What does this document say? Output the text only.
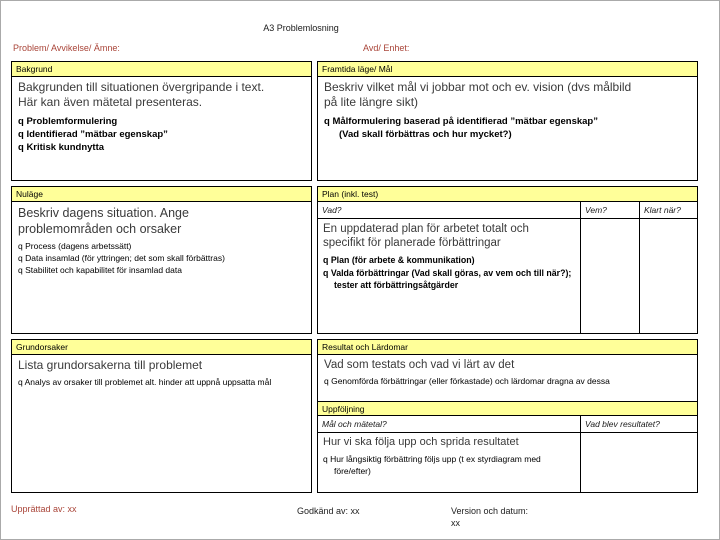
A3 Problemlosning
Problem/ Avvikelse/ Ämne:	Avd/ Enhet:
Bakgrund
Bakgrunden till situationen övergripande i text.
Här kan även mätetal presenteras.
q Problemformulering
q Identifierad ”mätbar egenskap”
q Kritisk kundnytta
Framtida läge/ Mål
Beskriv vilket mål vi jobbar mot och ev. vision (dvs målbild
på lite längre sikt)
q Målformulering baserad på identifierad ”mätbar egenskap”
(Vad skall förbättras och hur mycket?)
Nuläge
Beskriv dagens situation. Ange
problemområden och orsaker
q Process (dagens arbetssätt)
q Data insamlad (för yttringen; det som skall förbättras)
q Stabilitet och kapabilitet för insamlad data
Plan (inkl. test)
Vad?	Vem?	Klart när?
En uppdaterad plan för arbetet totalt och
specifikt för planerade förbättringar
q Plan (för arbete & kommunikation)
q Valda förbättringar (Vad skall göras, av vem och till när?); tester att förbättringsåtgärder
Grundorsaker
Lista grundorsakerna till problemet
q Analys av orsaker till problemet alt. hinder att uppnå uppsatta mål
Resultat och Lärdomar
Vad som testats och vad vi lärt av det
q Genomförda förbättringar (eller förkastade) och lärdomar dragna av dessa
Uppföljning
Mål och mätetal?	Vad blev resultatet?
Hur vi ska följa upp och sprida resultatet
q Hur långsiktig förbättring följs upp (t ex styrdiagram med före/efter)
Upprättad av: xx	Godkänd av: xx	Version och datum:
xx
